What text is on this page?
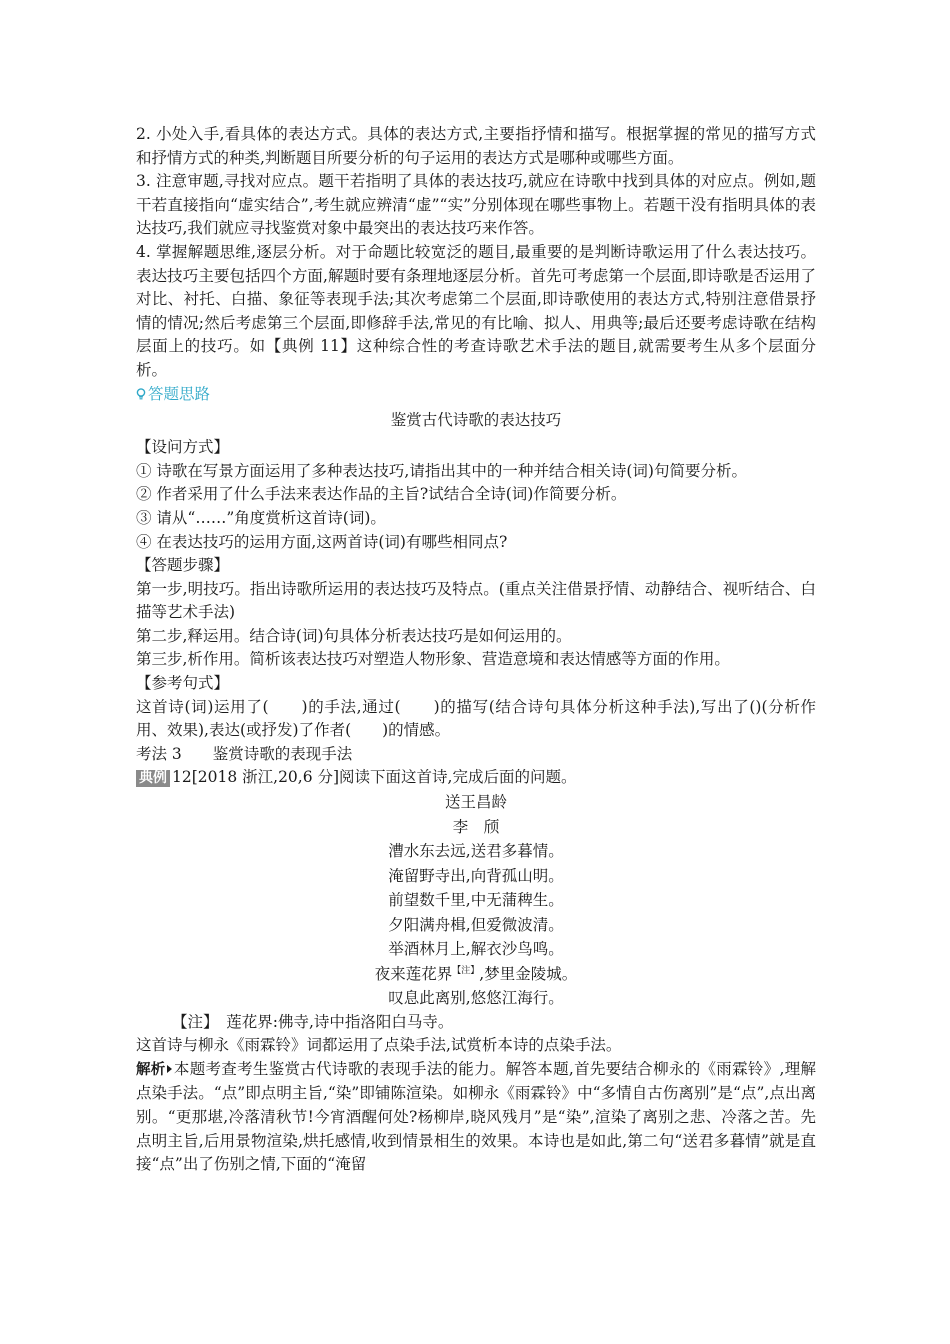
2. 小处入手,看具体的表达方式。具体的表达方式,主要指抒情和描写。根据掌握的常见的描写方式和抒情方式的种类,判断题目所要分析的句子运用的表达方式是哪种或哪些方面。

3. 注意审题,寻找对应点。题干若指明了具体的表达技巧,就应在诗歌中找到具体的对应点。例如,题干若直接指向“虚实结合”,考生就应辨清“虚”“实”分别体现在哪些事物上。若题干没有指明具体的表达技巧,我们就应寻找鉴赏对象中最突出的表达技巧来作答。

4. 掌握解题思维,逐层分析。对于命题比较宽泛的题目,最重要的是判断诗歌运用了什么表达技巧。表达技巧主要包括四个方面,解题时要有条理地逐层分析。首先可考虑第一个层面,即诗歌是否运用了对比、衬托、白描、象征等表现手法;其次考虑第二个层面,即诗歌使用的表达方式,特别注意借景抒情的情况;然后考虑第三个层面,即修辞手法,常见的有比喻、拟人、用典等;最后还要考虑诗歌在结构层面上的技巧。如【典例 11】这种综合性的考查诗歌艺术手法的题目,就需要考生从多个层面分析。

答题思路

鉴赏古代诗歌的表达技巧

【设问方式】

① 诗歌在写景方面运用了多种表达技巧,请指出其中的一种并结合相关诗(词)句简要分析。

② 作者采用了什么手法来表达作品的主旨?试结合全诗(词)作简要分析。

③ 请从“……”角度赏析这首诗(词)。

④ 在表达技巧的运用方面,这两首诗(词)有哪些相同点?

【答题步骤】

第一步,明技巧。指出诗歌所运用的表达技巧及特点。(重点关注借景抒情、动静结合、视听结合、白描等艺术手法)

第二步,释运用。结合诗(词)句具体分析表达技巧是如何运用的。

第三步,析作用。简析该表达技巧对塑造人物形象、营造意境和表达情感等方面的作用。

【参考句式】

这首诗(词)运用了(　　)的手法,通过(　　)的描写(结合诗句具体分析这种手法),写出了()(分析作用、效果),表达(或抒发)了作者(　　)的情感。

考法 3　　鉴赏诗歌的表现手法

典例 12[2018 浙江,20,6 分]阅读下面这首诗,完成后面的问题。

送王昌龄

李　颀

漕水东去远,送君多暮情。

淹留野寺出,向背孤山明。

前望数千里,中无蒲稗生。

夕阳满舟楫,但爱微波清。

举酒林月上,解衣沙鸟鸣。

夜来莲花界$^{【注】}$,梦里金陵城。

叹息此离别,悠悠江海行。

【注】　莲花界:佛寺,诗中指洛阳白马寺。

这首诗与柳永《雨霖铃》词都运用了点染手法,试赏析本诗的点染手法。

解析 本题考查考生鉴赏古代诗歌的表现手法的能力。解答本题,首先要结合柳永的《雨霖铃》,理解点染手法。“点”即点明主旨,“染”即铺陈渲染。如柳永《雨霖铃》中“多情自古伤离别”是“点”,点出离别。“更那堪,冷落清秋节!今宵酒醒何处?杨柳岸,晓风残月”是“染”,渲染了离别之悲、冷落之苦。先点明主旨,后用景物渲染,烘托感情,收到情景相生的效果。本诗也是如此,第二句“送君多暮情”就是直接“点”出了伤别之情,下面的“淹留
